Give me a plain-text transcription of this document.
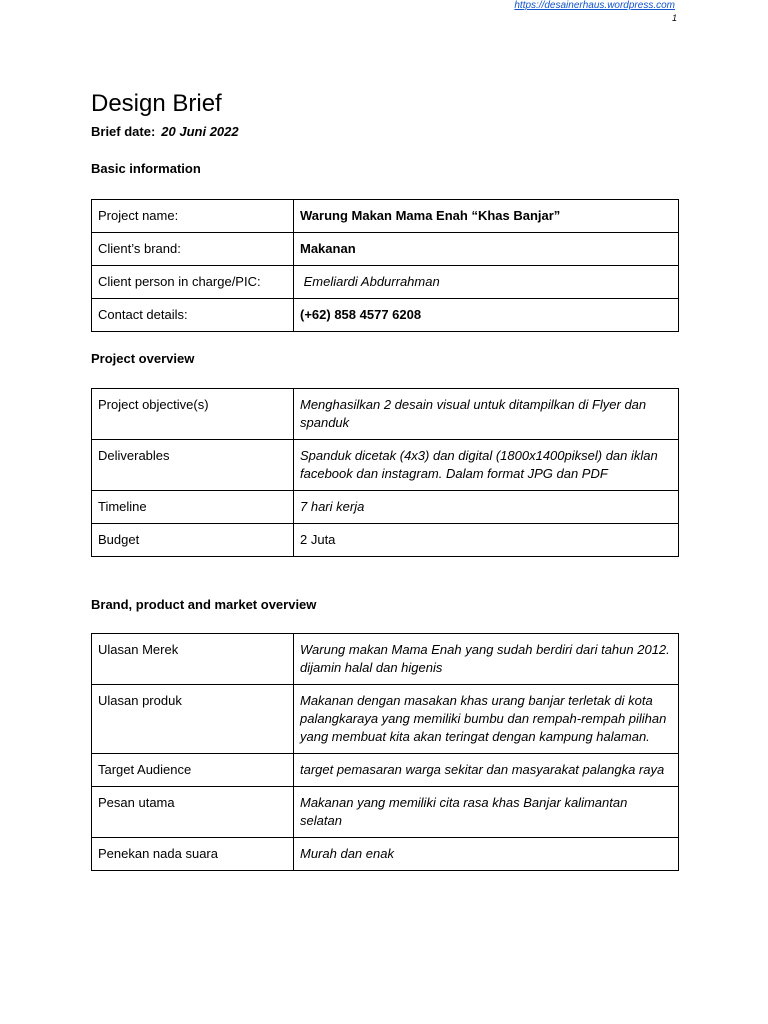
https://desainerhaus.wordpress.com
1
Design Brief
Brief date: 20 Juni 2022
Basic information
Project name:	Warung Makan Mama Enah “Khas Banjar”
Client’s brand:	Makanan
Client person in charge/PIC:	Emeliardi Abdurrahman
Contact details:	(+62) 858 4577 6208
Project overview
Project objective(s)	Menghasilkan 2 desain visual untuk ditampilkan di Flyer dan spanduk
Deliverables	Spanduk dicetak (4x3) dan digital (1800x1400piksel) dan iklan facebook dan instagram. Dalam format JPG dan PDF
Timeline	7 hari kerja
Budget	2 Juta
Brand, product and market overview
Ulasan Merek	Warung makan Mama Enah yang sudah berdiri dari tahun 2012. dijamin halal dan higenis
Ulasan produk	Makanan dengan masakan khas urang banjar terletak di kota palangkaraya yang memiliki bumbu dan rempah-rempah pilihan yang membuat kita akan teringat dengan kampung halaman.
Target Audience	target pemasaran warga sekitar dan masyarakat palangka raya
Pesan utama	Makanan yang memiliki cita rasa khas Banjar kalimantan selatan
Penekan nada suara	Murah dan enak
